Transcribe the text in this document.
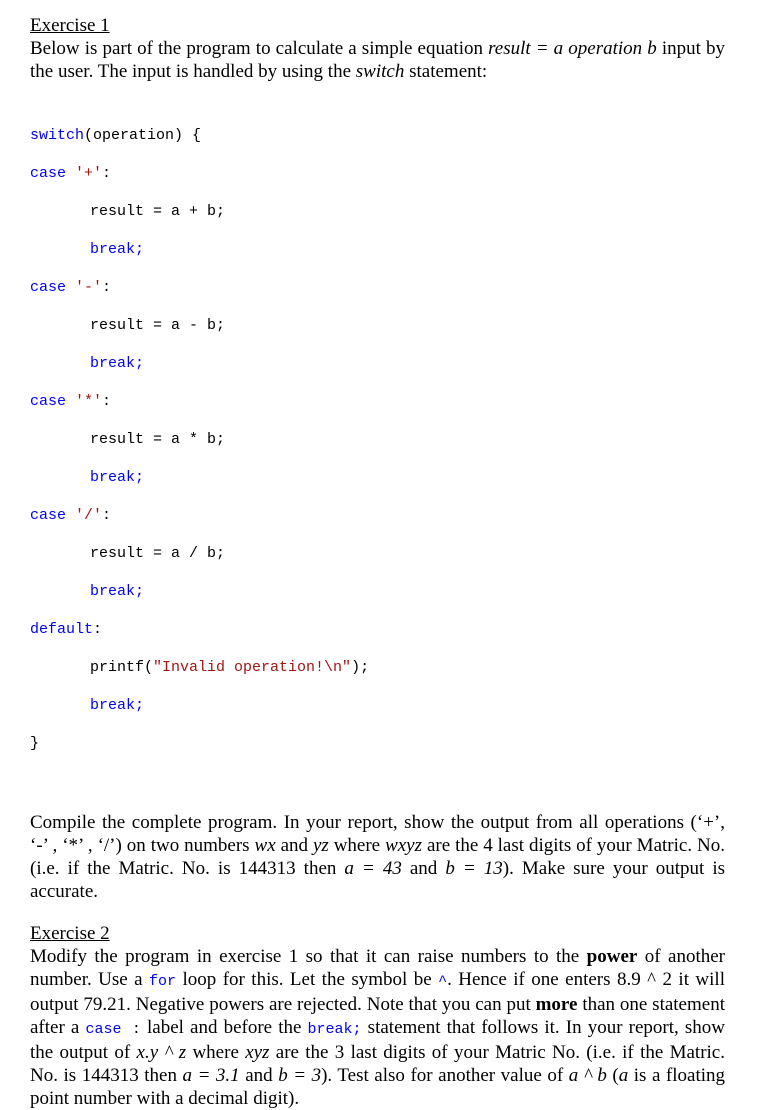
Exercise 1
Below is part of the program to calculate a simple equation result = a operation b input by the user. The input is handled by using the switch statement:

switch(operation) {

case '+':

result = a + b;

break;

case '-':

result = a - b;

break;

case '*':

result = a * b;

break;

case '/':

result = a / b;

break;

default:

printf("Invalid operation!\n");

break;

}

Compile the complete program. In your report, show the output from all operations (‘+’, ‘-’ , ‘*’ , ‘/’) on two numbers wx and yz where wxyz are the 4 last digits of your Matric. No. (i.e. if the Matric. No. is 144313 then a = 43 and b = 13). Make sure your output is accurate.
Exercise 2
Modify the program in exercise 1 so that it can raise numbers to the power of another number. Use a for loop for this. Let the symbol be ^. Hence if one enters 8.9 ^ 2 it will output 79.21. Negative powers are rejected. Note that you can put more than one statement after a case : label and before the break; statement that follows it. In your report, show the output of x.y ^ z where xyz are the 3 last digits of your Matric No. (i.e. if the Matric. No. is 144313 then a = 3.1 and b = 3). Test also for another value of a ^ b (a is a floating point number with a decimal digit).
